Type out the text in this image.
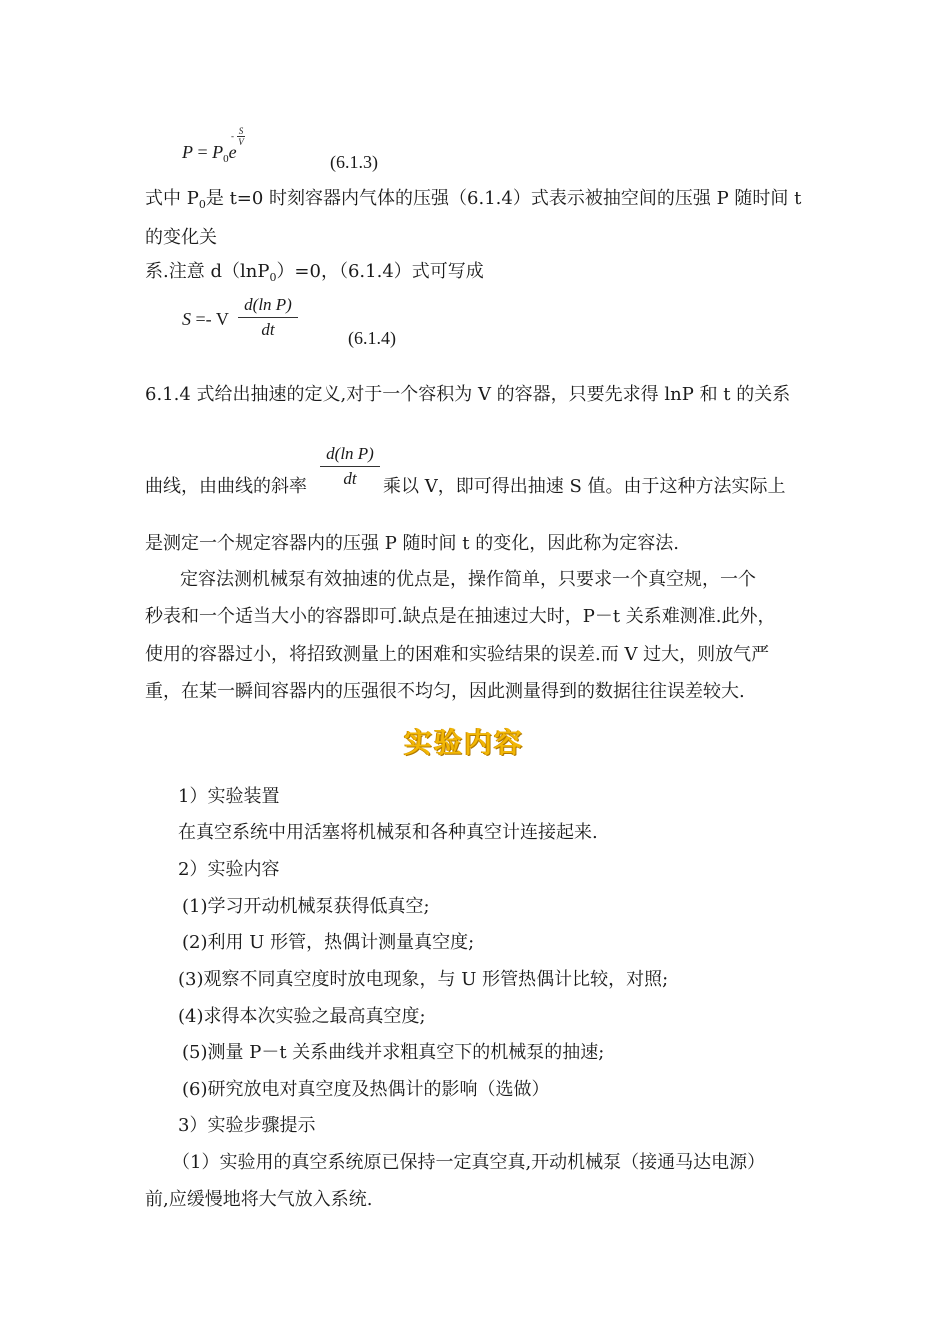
$P = P_0e$
- S
V
(6.1.3)
式中 $P_0$是 t=0 时刻容器内气体的压强（6.1.4）式表示被抽空间的压强 P 随时间 t
的变化关
系.注意 d（lnP$_0$）=0，（6.1.4）式可写成
S =- V
d(ln P)
dt	(6.1.4)
6.1.4 式给出抽速的定义,对于一个容积为 V 的容器，只要先求得 lnP 和 t 的关系
d(ln P)
dt
曲线，由曲线的斜率	乘以 V，即可得出抽速 S 值。由于这种方法实际上
是测定一个规定容器内的压强 P 随时间 t 的变化，因此称为定容法.
定容法测机械泵有效抽速的优点是，操作简单，只要求一个真空规，一个
秒表和一个适当大小的容器即可.缺点是在抽速过大时，P－t 关系难测准.此外，
使用的容器过小，将招致测量上的困难和实验结果的误差.而 V 过大，则放气严
重，在某一瞬间容器内的压强很不均匀，因此测量得到的数据往往误差较大.
实验内容
1）实验装置
在真空系统中用活塞将机械泵和各种真空计连接起来.
2）实验内容
(1)学习开动机械泵获得低真空;
(2)利用 U 形管，热偶计测量真空度;
(3)观察不同真空度时放电现象，与 U 形管热偶计比较，对照;
(4)求得本次实验之最高真空度;
(5)测量 P－t 关系曲线并求粗真空下的机械泵的抽速;
(6)研究放电对真空度及热偶计的影响（选做）
3）实验步骤提示
（1）实验用的真空系统原已保持一定真空真,开动机械泵（接通马达电源）
前,应缓慢地将大气放入系统.
